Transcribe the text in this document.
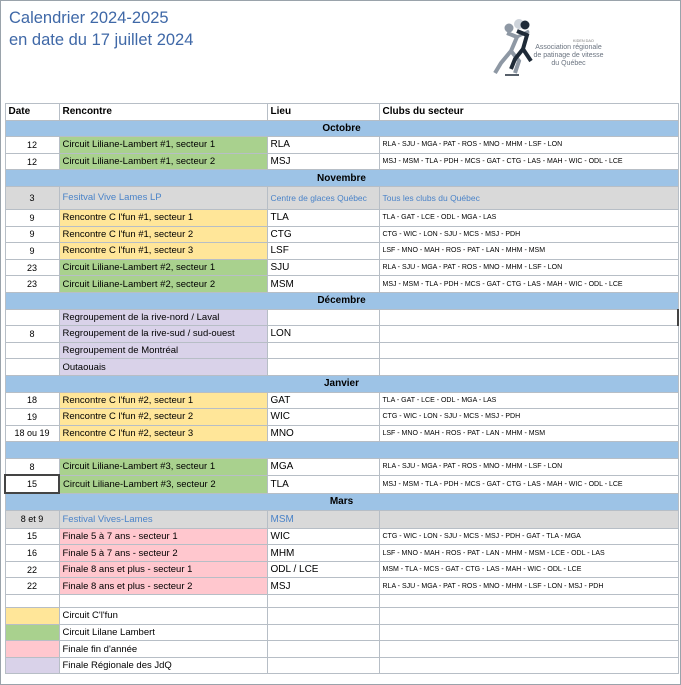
Calendrier 2024-2025
en date du 17 juillet 2024	KIDEN DAO
Association régionale
de patinage de vitesse
du Québec
Date	Rencontre	Lieu	Clubs du secteur
Octobre			
12	Circuit Liliane-Lambert #1, secteur 1	RLA	RLA - SJU - MGA - PAT - ROS - MNO - MHM - LSF - LON
12	Circuit Liliane-Lambert #1, secteur 2	MSJ	MSJ - MSM - TLA - PDH - MCS - GAT - CTG - LAS - MAH - WIC - ODL - LCE
Novembre			
3	Fesitval Vive Lames LP	Centre de glaces Québec	Tous les clubs du Québec
9	Rencontre C l'fun #1, secteur 1	TLA	TLA - GAT - LCE - ODL - MGA - LAS
9	Rencontre C l'fun #1, secteur 2	CTG	CTG - WIC - LON - SJU - MCS - MSJ - PDH
9	Rencontre C l'fun #1, secteur 3	LSF	LSF - MNO - MAH - ROS - PAT - LAN - MHM - MSM
23	Circuit Liliane-Lambert #2, secteur 1	SJU	RLA - SJU - MGA - PAT - ROS - MNO - MHM - LSF - LON
23	Circuit Liliane-Lambert #2, secteur 2	MSM	MSJ - MSM - TLA - PDH - MCS - GAT - CTG - LAS - MAH - WIC - ODL - LCE
Décembre			
	Regroupement de la rive-nord / Laval		
8	Regroupement de la rive-sud / sud-ouest	LON	
	Regroupement de Montréal		
	Outaouais		
Janvier			
18	Rencontre C l'fun #2, secteur 1	GAT	TLA - GAT - LCE - ODL - MGA - LAS
19	Rencontre C l'fun #2, secteur 2	WIC	CTG - WIC - LON - SJU - MCS - MSJ - PDH
18 ou 19	Rencontre C l'fun #2, secteur 3	MNO	LSF - MNO - MAH - ROS - PAT - LAN - MHM - MSM

8	Circuit Liliane-Lambert #3, secteur 1	MGA	RLA - SJU - MGA - PAT - ROS - MNO - MHM - LSF - LON
15	Circuit Liliane-Lambert #3, secteur 2	TLA	MSJ - MSM - TLA - PDH - MCS - GAT - CTG - LAS - MAH - WIC - ODL - LCE
Mars			
8 et 9	Festival Vives-Lames	MSM	
15	Finale 5 à 7 ans - secteur 1	WIC	CTG - WIC - LON - SJU - MCS - MSJ - PDH - GAT - TLA - MGA
16	Finale 5 à 7 ans - secteur 2	MHM	LSF - MNO - MAH - ROS - PAT - LAN - MHM - MSM - LCE - ODL - LAS
22	Finale 8 ans et plus - secteur 1	ODL / LCE	MSM - TLA - MCS - GAT - CTG - LAS - MAH - WIC - ODL - LCE
22	Finale 8 ans et plus - secteur 2	MSJ	RLA - SJU - MGA - PAT - ROS - MNO - MHM - LSF - LON - MSJ - PDH

	Circuit C'l'fun		
	Circuit Lilane Lambert		
	Finale fin d'année		
	Finale Régionale des JdQ		
